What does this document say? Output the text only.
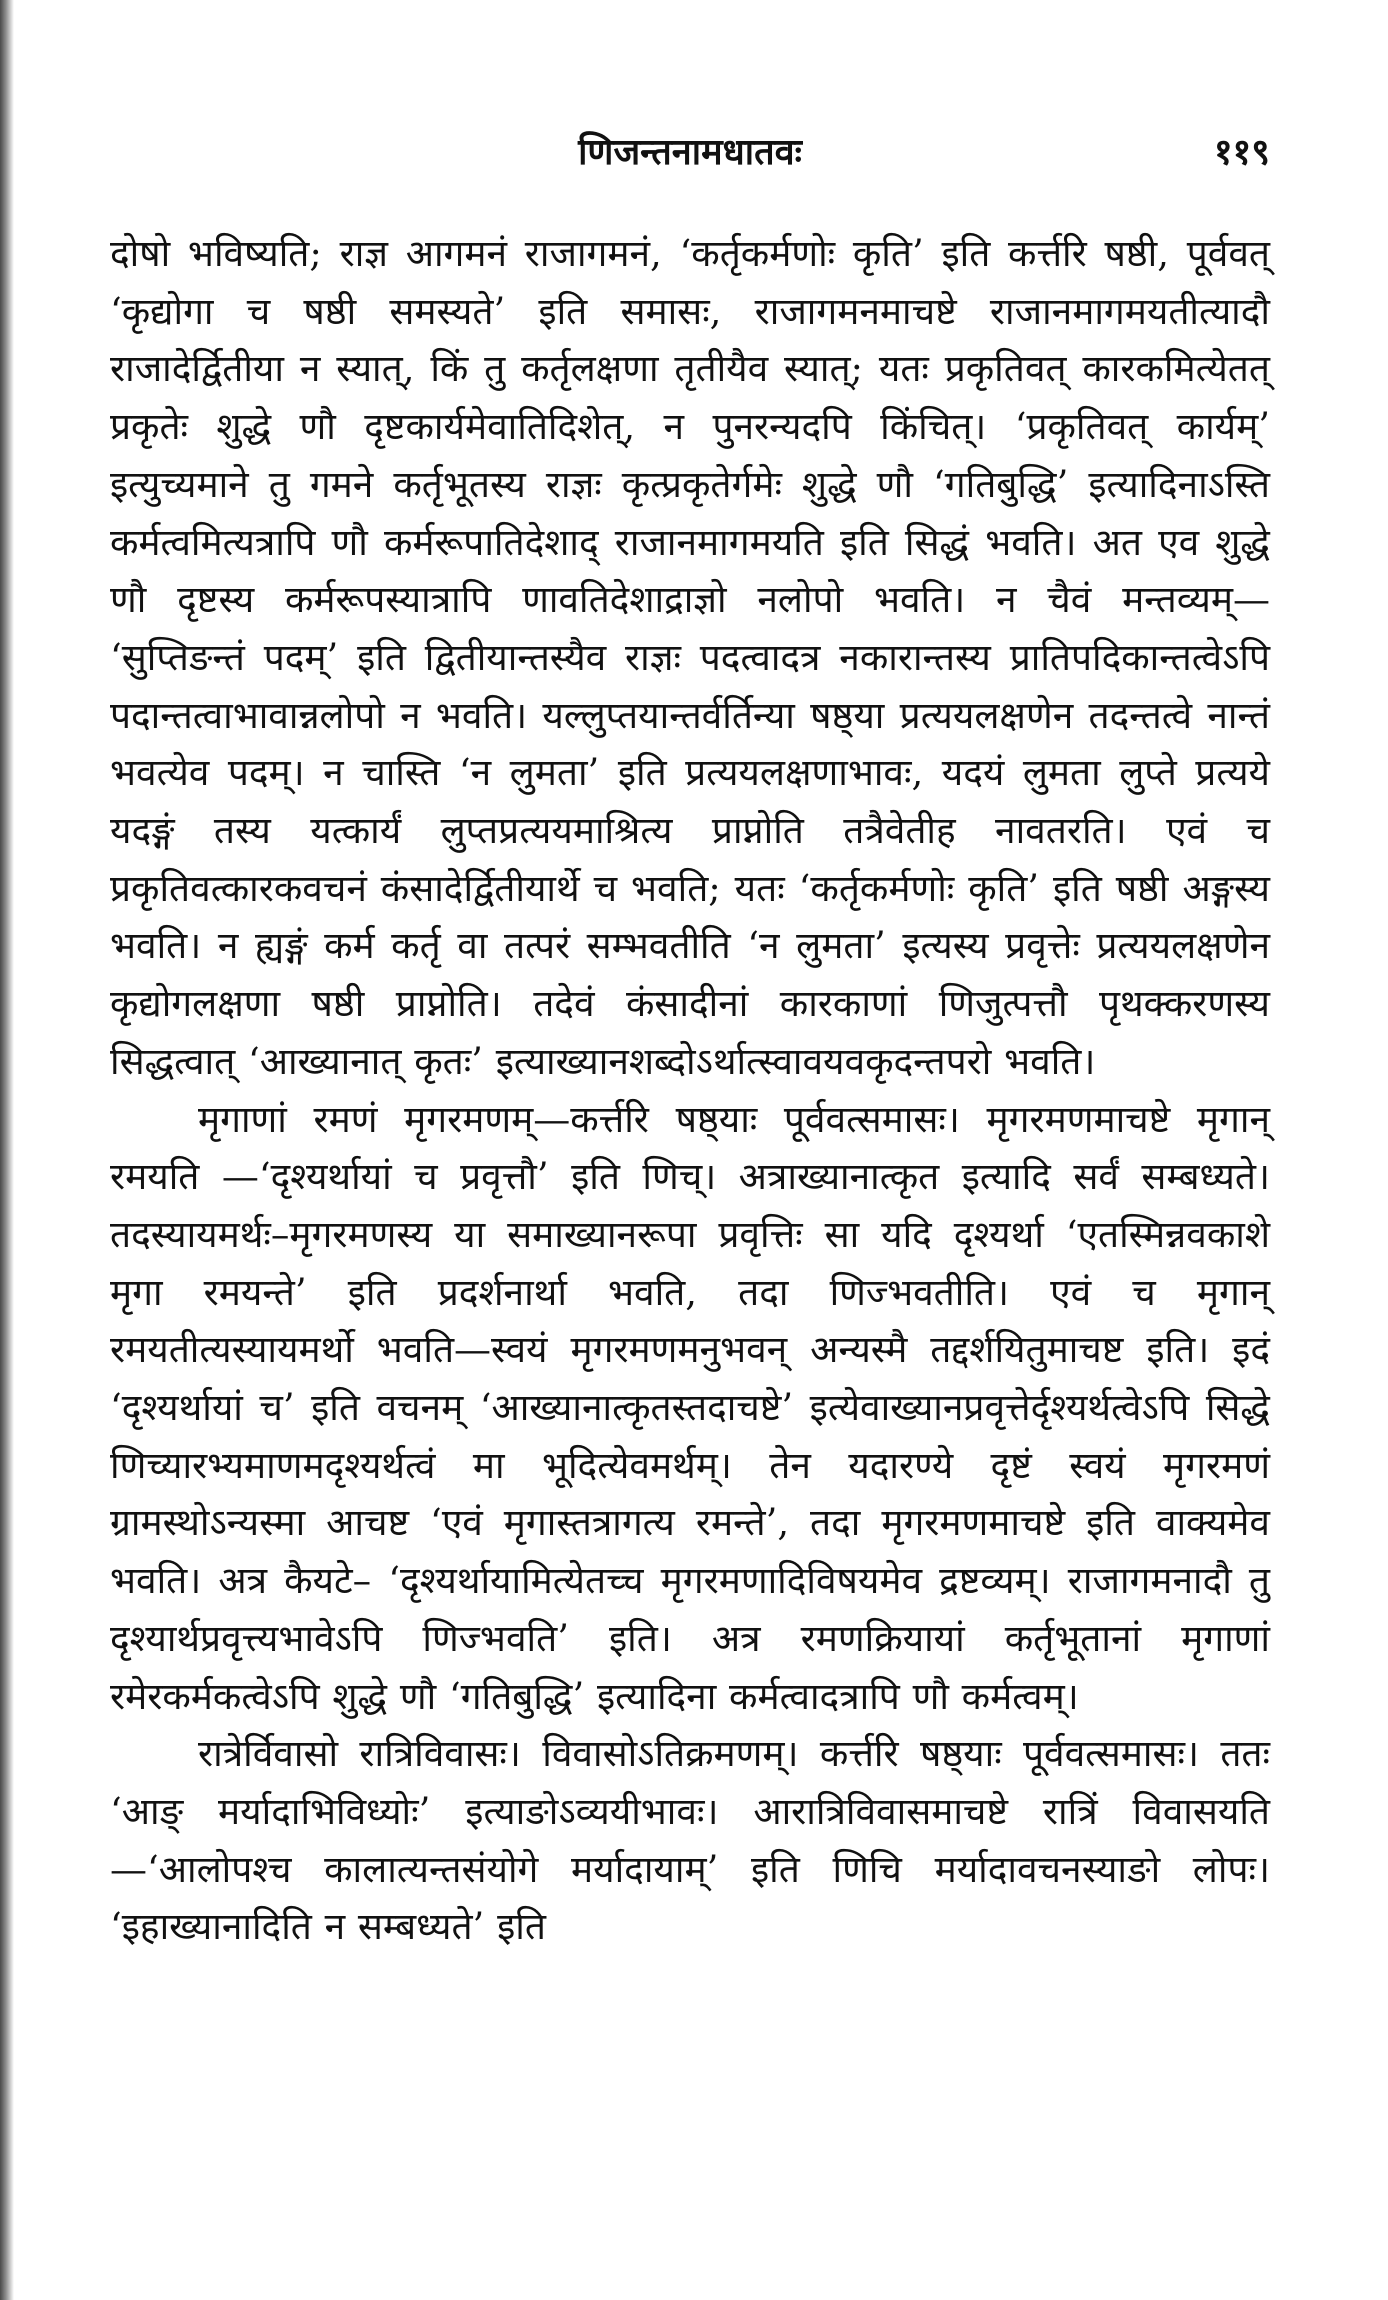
णिजन्तनामधातवः	११९

दोषो भविष्यति; राज्ञ आगमनं राजागमनं, ‘कर्तृकर्मणोः कृति’ इति कर्त्तरि षष्ठी, पूर्ववत् ‘कृद्योगा च षष्ठी समस्यते’ इति समासः, राजागमनमाचष्टे राजानमागमयतीत्यादौ राजादेर्द्वितीया न स्यात्, किं तु कर्तृलक्षणा तृतीयैव स्यात्; यतः प्रकृतिवत् कारकमित्येतत् प्रकृतेः शुद्धे णौ दृष्टकार्यमेवातिदिशेत्, न पुनरन्यदपि किंचित्। ‘प्रकृतिवत् कार्यम्’ इत्युच्यमाने तु गमने कर्तृभूतस्य राज्ञः कृत्प्रकृतेर्गमेः शुद्धे णौ ‘गतिबुद्धि’ इत्यादिनाऽस्ति कर्मत्वमित्यत्रापि णौ कर्मरूपातिदेशाद् राजानमागमयति इति सिद्धं भवति। अत एव शुद्धे णौ दृष्टस्य कर्मरूपस्यात्रापि णावतिदेशाद्राज्ञो नलोपो भवति। न चैवं मन्तव्यम्— ‘सुप्तिङन्तं पदम्’ इति द्वितीयान्तस्यैव राज्ञः पदत्वादत्र नकारान्तस्य प्रातिपदिकान्तत्वेऽपि पदान्तत्वाभावान्नलोपो न भवति। यल्लुप्तयान्तर्वर्तिन्या षष्ठ्या प्रत्ययलक्षणेन तदन्तत्वे नान्तं भवत्येव पदम्। न चास्ति ‘न लुमता’ इति प्रत्ययलक्षणाभावः, यदयं लुमता लुप्ते प्रत्यये यदङ्गं तस्य यत्कार्यं लुप्तप्रत्ययमाश्रित्य प्राप्नोति तत्रैवेतीह नावतरति। एवं च प्रकृतिवत्कारकवचनं कंसादेर्द्वितीयार्थे च भवति; यतः ‘कर्तृकर्मणोः कृति’ इति षष्ठी अङ्गस्य भवति। न ह्यङ्गं कर्म कर्तृ वा तत्परं सम्भवतीति ‘न लुमता’ इत्यस्य प्रवृत्तेः प्रत्ययलक्षणेन कृद्योगलक्षणा षष्ठी प्राप्नोति। तदेवं कंसादीनां कारकाणां णिजुत्पत्तौ पृथक्करणस्य सिद्धत्वात् ‘आख्यानात् कृतः’ इत्याख्यानशब्दोऽर्थात्स्वावयवकृदन्तपरो भवति।

मृगाणां रमणं मृगरमणम्—कर्त्तरि षष्ठ्याः पूर्ववत्समासः। मृगरमणमाचष्टे मृगान् रमयति —‘दृश्यर्थायां च प्रवृत्तौ’ इति णिच्। अत्राख्यानात्कृत इत्यादि सर्वं सम्बध्यते। तदस्यायमर्थः–मृगरमणस्य या समाख्यानरूपा प्रवृत्तिः सा यदि दृश्यर्था ‘एतस्मिन्नवकाशे मृगा रमयन्ते’ इति प्रदर्शनार्था भवति, तदा णिज्भवतीति। एवं च मृगान् रमयतीत्यस्यायमर्थो भवति—स्वयं मृगरमणमनुभवन् अन्यस्मै तद्दर्शयितुमाचष्ट इति। इदं ‘दृश्यर्थायां च’ इति वचनम् ‘आख्यानात्कृतस्तदाचष्टे’ इत्येवाख्यानप्रवृत्तेर्दृश्यर्थत्वेऽपि सिद्धे णिच्यारभ्यमाणमदृश्यर्थत्वं मा भूदित्येवमर्थम्। तेन यदारण्ये दृष्टं स्वयं मृगरमणं ग्रामस्थोऽन्यस्मा आचष्ट ‘एवं मृगास्तत्रागत्य रमन्ते’, तदा मृगरमणमाचष्टे इति वाक्यमेव भवति। अत्र कैयटे– ‘दृश्यर्थायामित्येतच्च मृगरमणादिविषयमेव द्रष्टव्यम्। राजागमनादौ तु दृश्यार्थप्रवृत्त्यभावेऽपि णिज्भवति’ इति। अत्र रमणक्रियायां कर्तृभूतानां मृगाणां रमेरकर्मकत्वेऽपि शुद्धे णौ ‘गतिबुद्धि’ इत्यादिना कर्मत्वादत्रापि णौ कर्मत्वम्।

रात्रेर्विवासो रात्रिविवासः। विवासोऽतिक्रमणम्। कर्त्तरि षष्ठ्याः पूर्ववत्समासः। ततः ‘आङ् मर्यादाभिविध्योः’ इत्याङोऽव्ययीभावः। आरात्रिविवासमाचष्टे रात्रिं विवासयति—‘आलोपश्च कालात्यन्तसंयोगे मर्यादायाम्’ इति णिचि मर्यादावचनस्याङो लोपः। ‘इहाख्यानादिति न सम्बध्यते’ इति
